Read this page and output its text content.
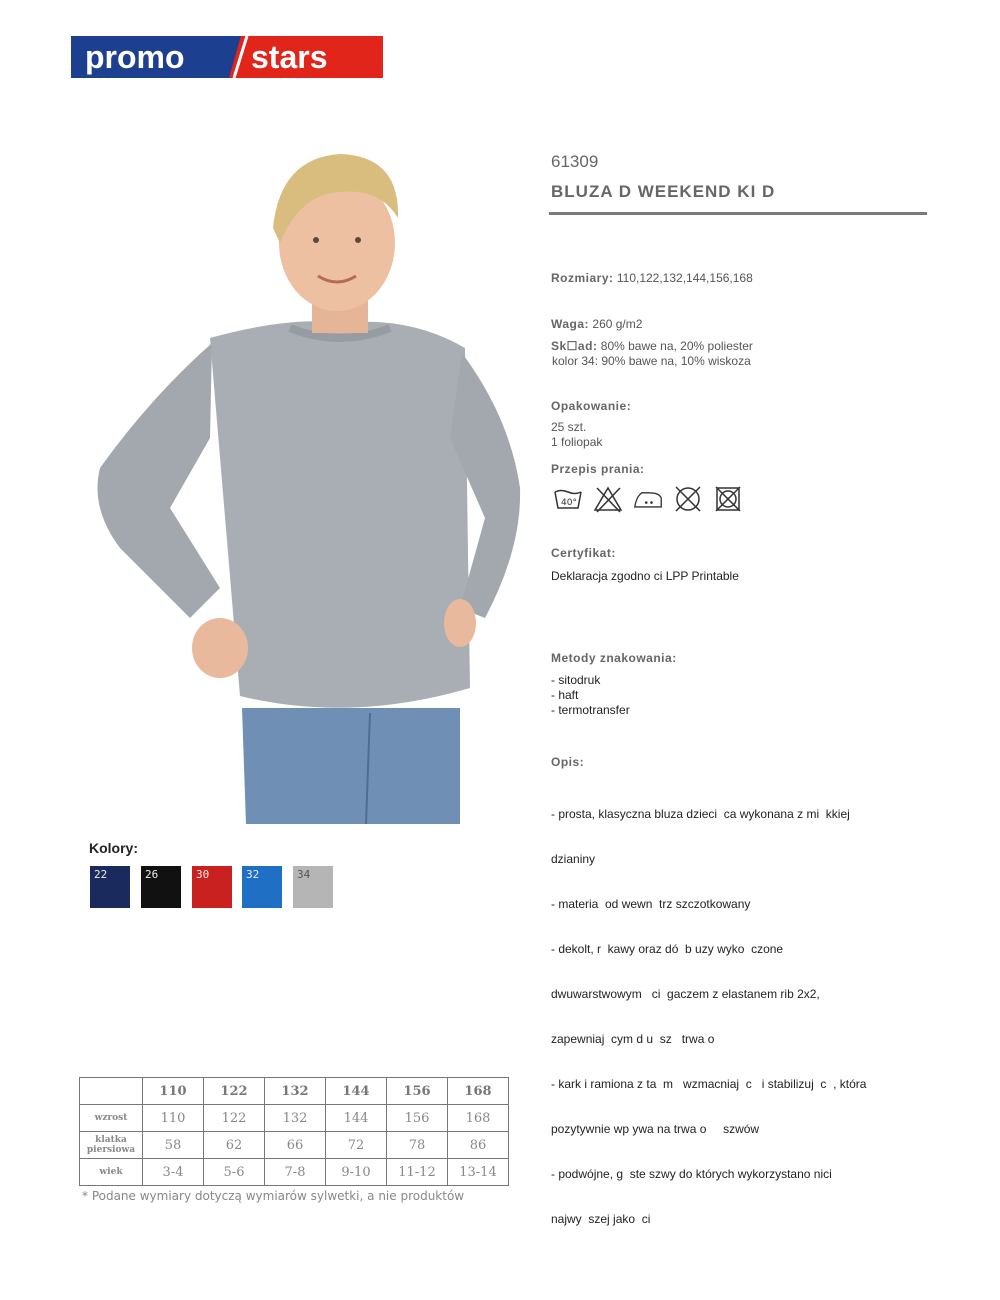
promo stars
61309
BLUZA D WEEKEND KI D
Rozmiary: 110,122,132,144,156,168
Waga: 260 g/m2
Sk☐ad: 80% bawe na, 20% poliester
kolor 34: 90% bawe na, 10% wiskoza
Opakowanie:
25 szt.
1 foliopak
Przepis prania:
40°
Certyfikat:
Deklaracja zgodno ci LPP Printable
Metody znakowania:
- sitodruk
- haft
- termotransfer
Opis:

- prosta, klasyczna bluza dzieci  ca wykonana z mi  kkiej

dzianiny

- materia  od wewn  trz szczotkowany

- dekolt, r  kawy oraz dó  b uzy wyko  czone

dwuwarstwowym   ci  gaczem z elastanem rib 2x2,

zapewniaj  cym d u  sz   trwa o

- kark i ramiona z ta  m   wzmacniaj  c   i stabilizuj  c  , która

pozytywnie wp ywa na trwa o     szwów

- podwójne, g  ste szwy do których wykorzystano nici

najwy  szej jako  ci

Kolory:
22	26	30	32	34
	110	122	132	144	156	168
wzrost	110	122	132	144	156	168
klatka piersiowa	58	62	66	72	78	86
wiek	3-4	5-6	7-8	9-10	11-12	13-14
* Podane wymiary dotyczą wymiarów sylwetki, a nie produktów
